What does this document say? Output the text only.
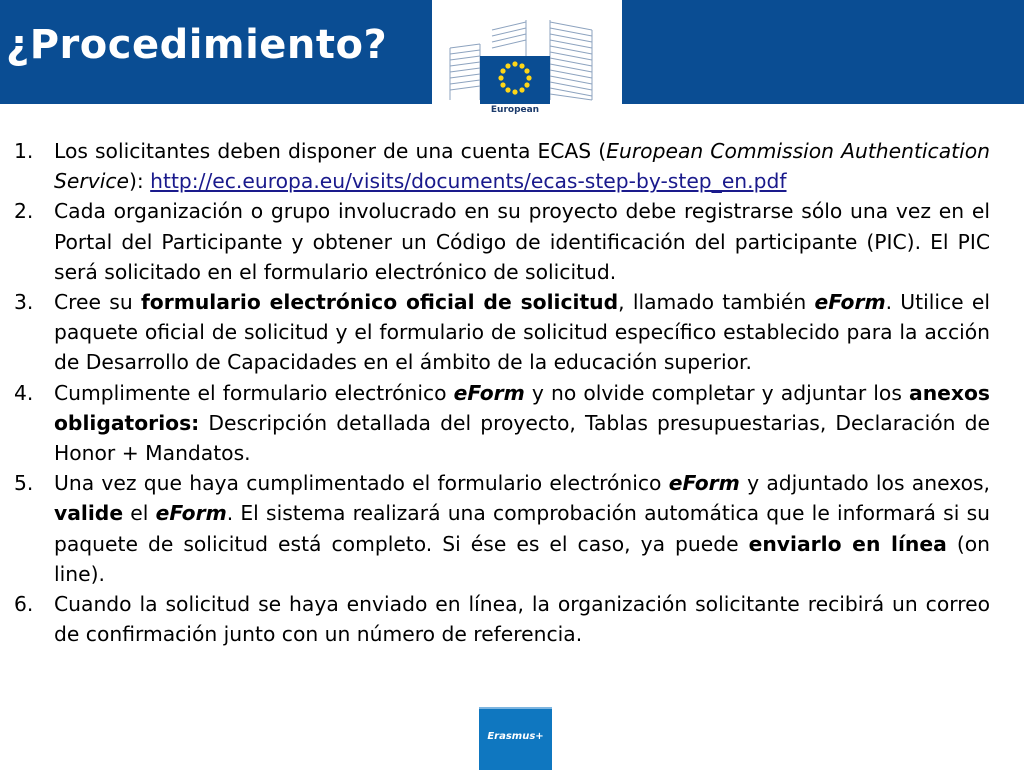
¿Procedimiento?
European
1.	Los solicitantes deben disponer de una cuenta ECAS (European Commission Authentication Service): http://ec.europa.eu/visits/documents/ecas-step-by-step_en.pdf
2.	Cada organización o grupo involucrado en su proyecto debe registrarse sólo una vez en el Portal del Participante y obtener un Código de identificación del participante (PIC). El PIC será solicitado en el formulario electrónico de solicitud.
3.	Cree su formulario electrónico oficial de solicitud, llamado también eForm. Utilice el paquete oficial de solicitud y el formulario de solicitud específico establecido para la acción de Desarrollo de Capacidades en el ámbito de la educación superior.
4.	Cumplimente el formulario electrónico eForm y no olvide completar y adjuntar los anexos obligatorios: Descripción detallada del proyecto, Tablas presupuestarias, Declaración de Honor + Mandatos.
5.	Una vez que haya cumplimentado el formulario electrónico eForm y adjuntado los anexos, valide el eForm. El sistema realizará una comprobación automática que le informará si su paquete de solicitud está completo. Si ése es el caso, ya puede enviarlo en línea (on line).
6.	Cuando la solicitud se haya enviado en línea, la organización solicitante recibirá un correo de confirmación junto con un número de referencia.
Erasmus+
